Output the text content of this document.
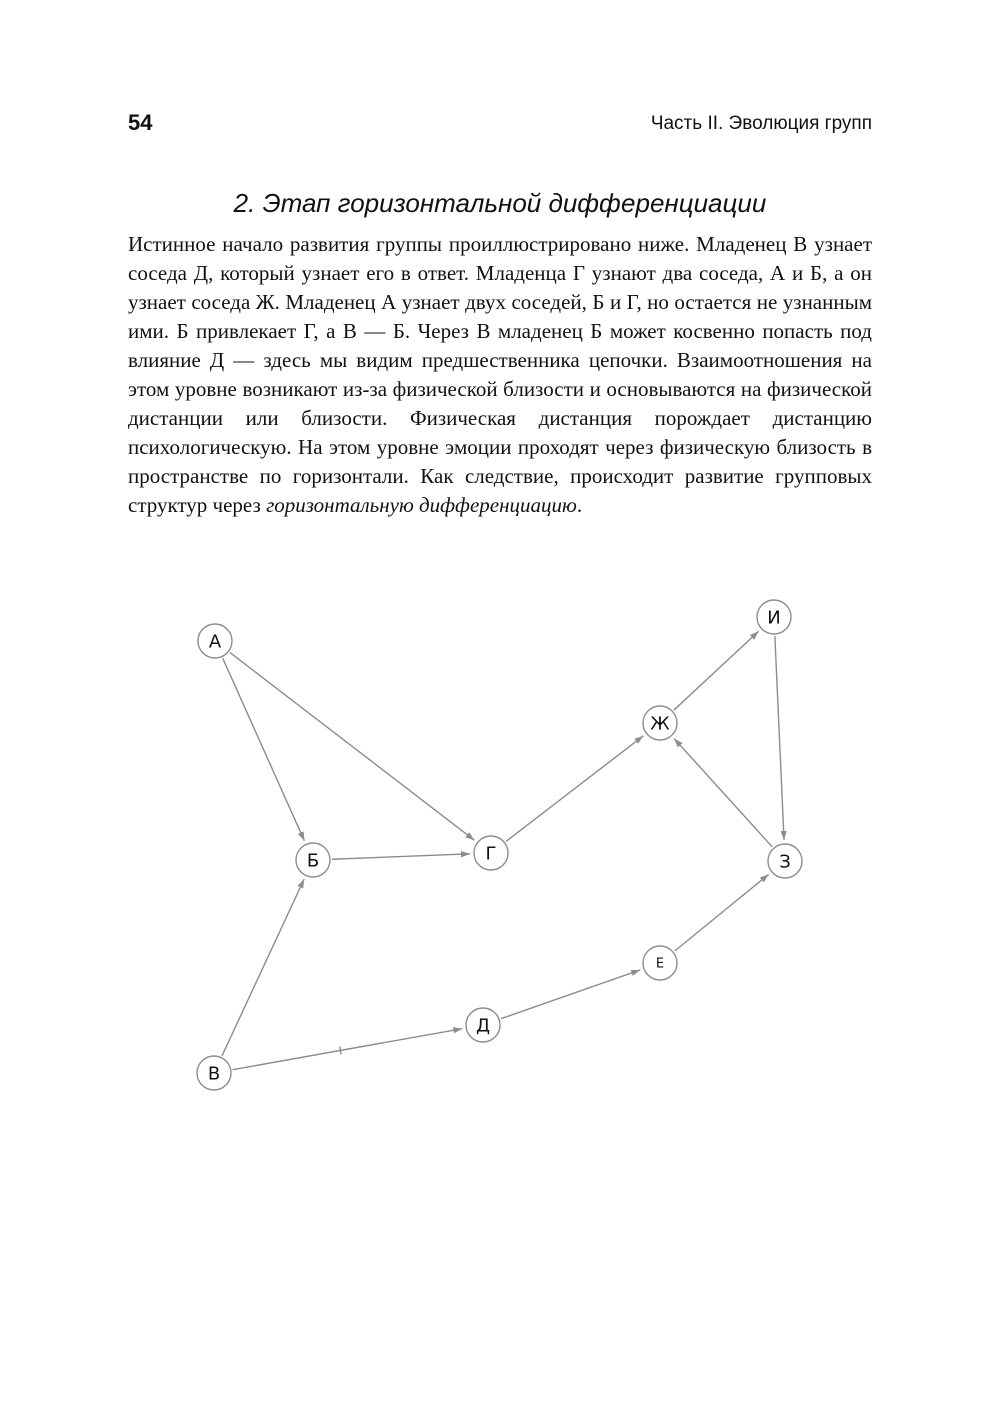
54	Часть II. Эволюция групп
2. Этап горизонтальной дифференциации

Истинное начало развития группы проиллюстрировано ниже. Младенец В узнает соседа Д, который узнает его в ответ. Младенца Г узнают два соседа, А и Б, а он узнает соседа Ж. Младенец А узнает двух соседей, Б и Г, но остается не узнанным ими. Б привлекает Г, а В — Б. Через В младенец Б может косвенно попасть под влияние Д — здесь мы видим предшественника цепочки. Взаимоотношения на этом уровне возникают из-за физической близости и основываются на физической дистанции или близости. Физическая дистанция порождает дистанцию психологическую. На этом уровне эмоции проходят через физическую близость в пространстве по горизонтали. Как следствие, происходит развитие групповых структур через горизонтальную дифференциацию.

А
Б
В
Г
Д
Е
Ж
З
И
